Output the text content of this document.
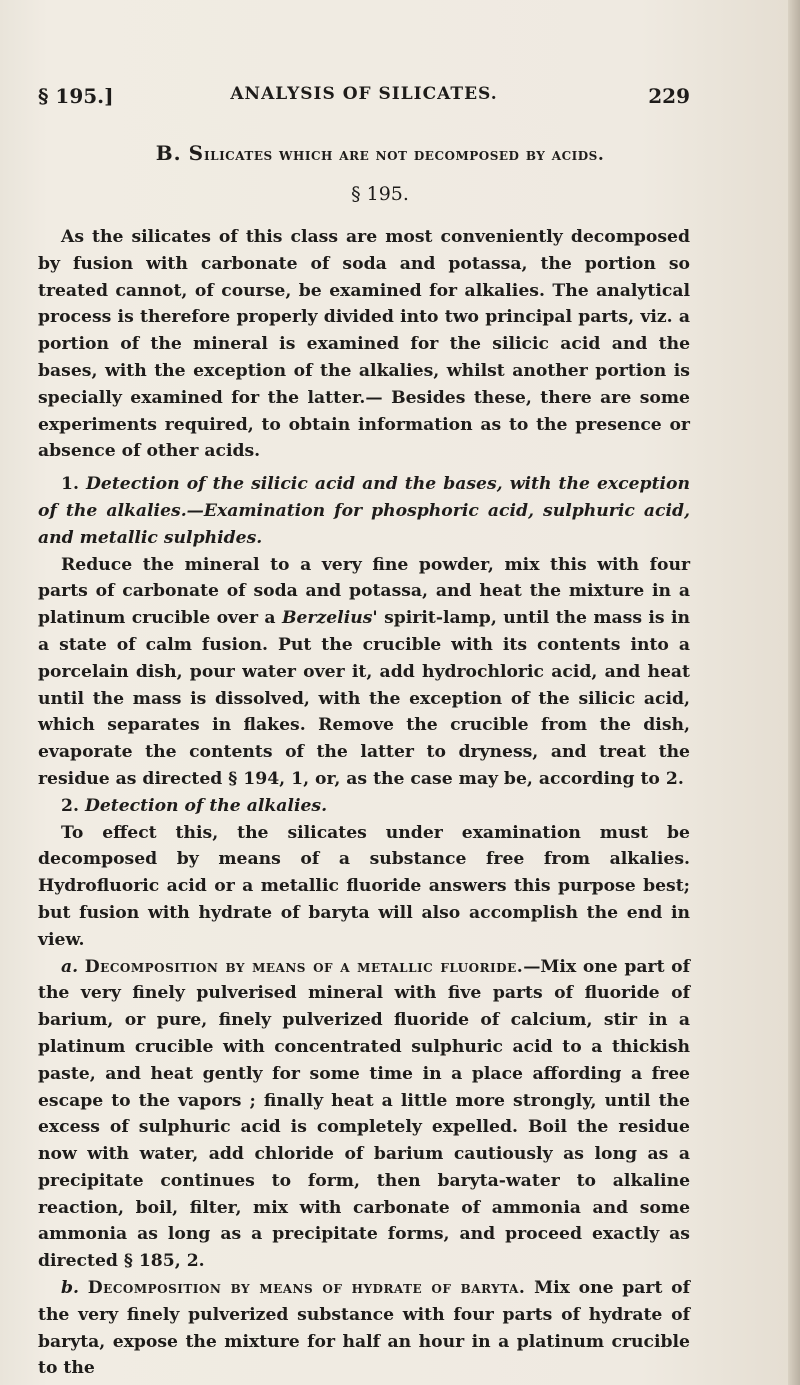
§ 195.]	ANALYSIS OF SILICATES.	229
B. Silicates which are not decomposed by acids.
§ 195.

As the silicates of this class are most conveniently decomposed by fusion with carbonate of soda and potassa, the portion so treated cannot, of course, be examined for alkalies. The analytical process is therefore properly divided into two principal parts, viz. a portion of the mineral is examined for the silicic acid and the bases, with the exception of the alkalies, whilst another portion is specially examined for the latter.— Besides these, there are some experiments required, to obtain information as to the presence or absence of other acids.

1. Detection of the silicic acid and the bases, with the exception of the alkalies.—Examination for phosphoric acid, sulphuric acid, and metallic sulphides.

Reduce the mineral to a very fine powder, mix this with four parts of carbonate of soda and potassa, and heat the mixture in a platinum crucible over a Berzelius' spirit-lamp, until the mass is in a state of calm fusion. Put the crucible with its contents into a porcelain dish, pour water over it, add hydrochloric acid, and heat until the mass is dissolved, with the exception of the silicic acid, which separates in flakes. Remove the crucible from the dish, evaporate the contents of the latter to dryness, and treat the residue as directed § 194, 1, or, as the case may be, according to 2.

2. Detection of the alkalies.

To effect this, the silicates under examination must be decomposed by means of a substance free from alkalies. Hydrofluoric acid or a metallic fluoride answers this purpose best; but fusion with hydrate of baryta will also accomplish the end in view.

a. Decomposition by means of a metallic fluoride.—Mix one part of the very finely pulverised mineral with five parts of fluoride of barium, or pure, finely pulverized fluoride of calcium, stir in a platinum crucible with concentrated sulphuric acid to a thickish paste, and heat gently for some time in a place affording a free escape to the vapors ; finally heat a little more strongly, until the excess of sulphuric acid is completely expelled. Boil the residue now with water, add chloride of barium cautiously as long as a precipitate continues to form, then baryta-water to alkaline reaction, boil, filter, mix with carbonate of ammonia and some ammonia as long as a precipitate forms, and proceed exactly as directed § 185, 2.

b. Decomposition by means of hydrate of baryta. Mix one part of the very finely pulverized substance with four parts of hydrate of baryta, expose the mixture for half an hour in a platinum crucible to the
